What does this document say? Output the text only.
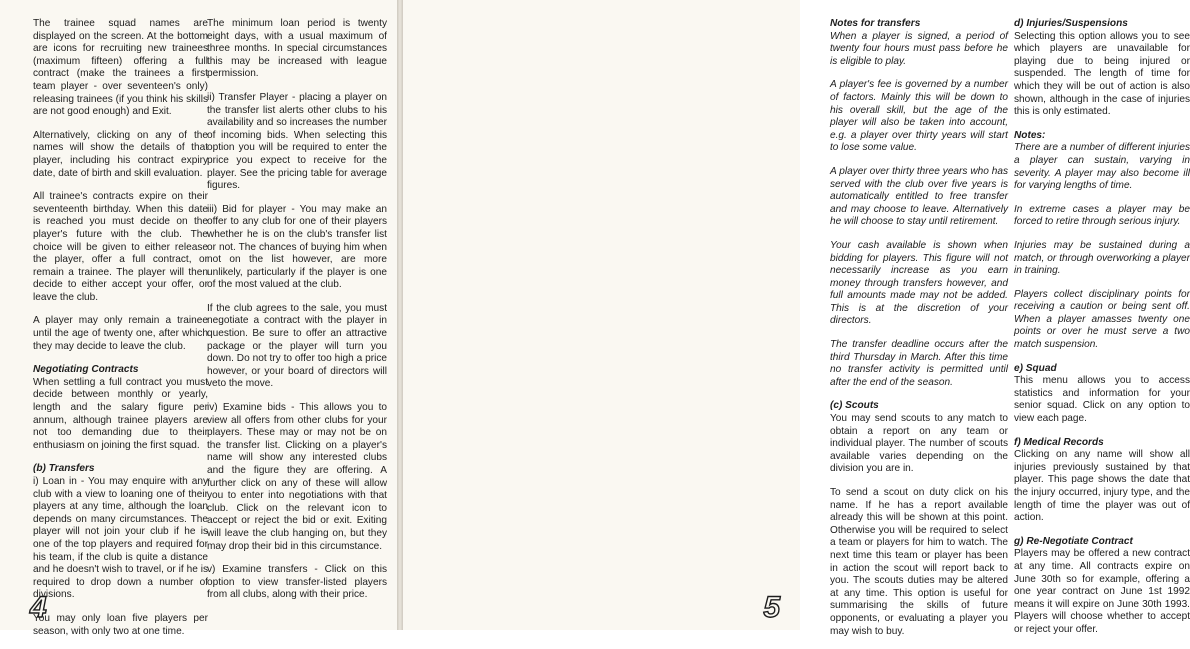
The trainee squad names are displayed on the screen. At the bottom are icons for recruiting new trainees (maximum fifteen) offering a full contract (make the trainees a first team player - over seventeen's only) releasing trainees (if you think his skills are not good enough) and Exit.

Alternatively, clicking on any of the names will show the details of that player, including his contract expiry date, date of birth and skill evaluation.

All trainee's contracts expire on their seventeenth birthday. When this date is reached you must decide on the player's future with the club. The choice will be given to either release the player, offer a full contract, or remain a trainee. The player will then decide to either accept your offer, or leave the club.

A player may only remain a trainee until the age of twenty one, after which they may decide to leave the club.

Negotiating Contracts

When settling a full contract you must decide between monthly or yearly, length and the salary figure per annum, although trainee players are not too demanding due to their enthusiasm on joining the first squad.

(b) Transfers

i) Loan in - You may enquire with any club with a view to loaning one of their players at any time, although the loan depends on many circumstances. The player will not join your club if he is one of the top players and required for his team, if the club is quite a distance and he doesn't wish to travel, or if he is required to drop down a number of divisions.

You may only loan five players per season, with only two at one time.

The minimum loan period is twenty eight days, with a usual maximum of three months. In special circumstances this may be increased with league permission.

ii) Transfer Player - placing a player on the transfer list alerts other clubs to his availability and so increases the number of incoming bids. When selecting this option you will be required to enter the price you expect to receive for the player. See the pricing table for average figures.

iii) Bid for player - You may make an offer to any club for one of their players whether he is on the club's transfer list or not. The chances of buying him when not on the list however, are more unlikely, particularly if the player is one of the most valued at the club.

If the club agrees to the sale, you must negotiate a contract with the player in question. Be sure to offer an attractive package or the player will turn you down. Do not try to offer too high a price however, or your board of directors will veto the move.

iv) Examine bids - This allows you to view all offers from other clubs for your players. These may or may not be on the transfer list. Clicking on a player's name will show any interested clubs and the figure they are offering. A further click on any of these will allow you to enter into negotiations with that club. Click on the relevant icon to accept or reject the bid or exit. Exiting will leave the club hanging on, but they may drop their bid in this circumstance.

v) Examine transfers - Click on this option to view transfer-listed players from all clubs, along with their price.

4
Notes for transfers

When a player is signed, a period of twenty four hours must pass before he is eligible to play.

A player's fee is governed by a number of factors. Mainly this will be down to his overall skill, but the age of the player will also be taken into account, e.g. a player over thirty years will start to lose some value.

A player over thirty three years who has served with the club over five years is automatically entitled to free transfer and may choose to leave. Alternatively he will choose to stay until retirement.

Your cash available is shown when bidding for players. This figure will not necessarily increase as you earn money through transfers however, and full amounts made may not be added. This is at the discretion of your directors.

The transfer deadline occurs after the third Thursday in March. After this time no transfer activity is permitted until after the end of the season.

(c) Scouts

You may send scouts to any match to obtain a report on any team or individual player. The number of scouts available varies depending on the division you are in.

To send a scout on duty click on his name. If he has a report available already this will be shown at this point. Otherwise you will be required to select a team or players for him to watch. The next time this team or player has been in action the scout will report back to you. The scouts duties may be altered at any time. This option is useful for summarising the skills of future opponents, or evaluating a player you may wish to buy.

d) Injuries/Suspensions

Selecting this option allows you to see which players are unavailable for playing due to being injured or suspended. The length of time for which they will be out of action is also shown, although in the case of injuries this is only estimated.

Notes:

There are a number of different injuries a player can sustain, varying in severity. A player may also become ill for varying lengths of time.

In extreme cases a player may be forced to retire through serious injury.

Injuries may be sustained during a match, or through overworking a player in training.

Players collect disciplinary points for receiving a caution or being sent off. When a player amasses twenty one points or over he must serve a two match suspension.

e) Squad

This menu allows you to access statistics and information for your senior squad. Click on any option to view each page.

f) Medical Records

Clicking on any name will show all injuries previously sustained by that player. This page shows the date that the injury occurred, injury type, and the length of time the player was out of action.

g) Re-Negotiate Contract

Players may be offered a new contract at any time. All contracts expire on June 30th so for example, offering a one year contract on June 1st 1992 means it will expire on June 30th 1993. Players will choose whether to accept or reject your offer.

5
